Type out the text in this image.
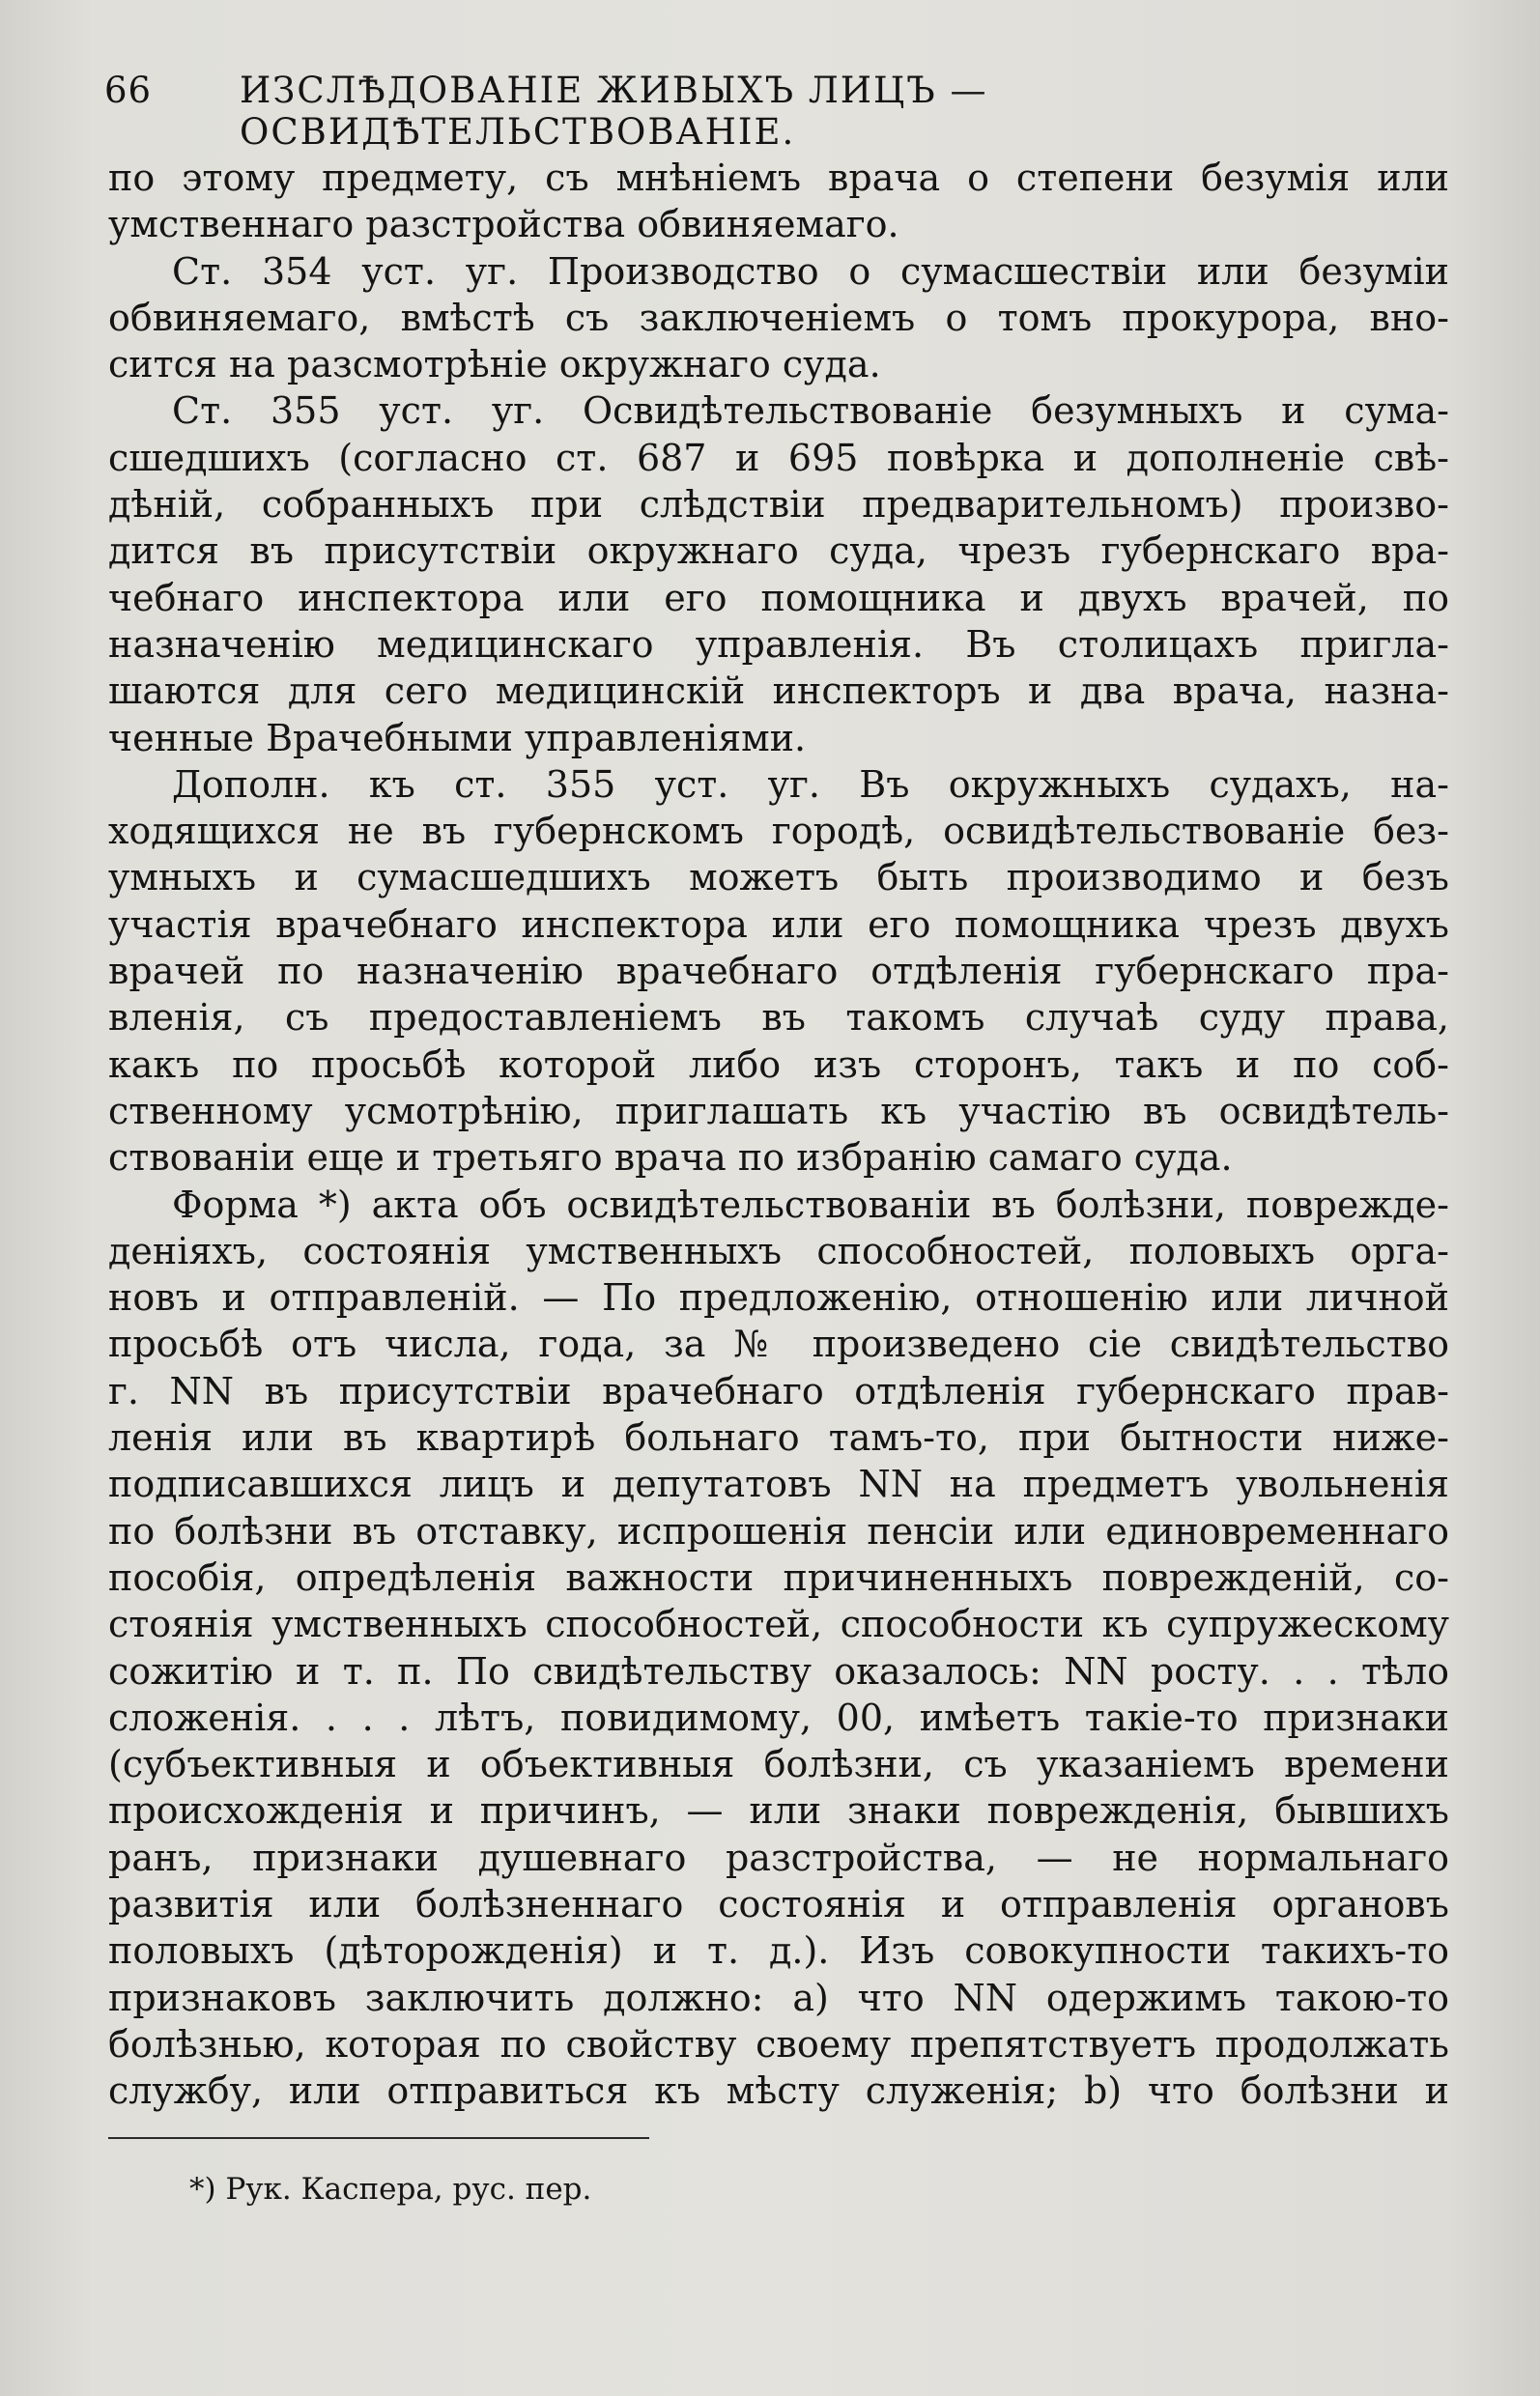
66 ИЗСЛѢДОВАНІЕ ЖИВЫХЪ ЛИЦЪ — ОСВИДѢТЕЛЬСТВОВАНІЕ.
по этому предмету, съ мнѣніемъ врача о степени безумія или
умственнаго разстройства обвиняемаго.
Ст. 354 уст. уг. Производство о сумасшествіи или безуміи
обвиняемаго, вмѣстѣ съ заключеніемъ о томъ прокурора, вно-
сится на разсмотрѣніе окружнаго суда.
Ст. 355 уст. уг. Освидѣтельствованіе безумныхъ и сума-
сшедшихъ (согласно ст. 687 и 695 повѣрка и дополненіе свѣ-
дѣній, собранныхъ при слѣдствіи предварительномъ) произво-
дится въ присутствіи окружнаго суда, чрезъ губернскаго вра-
чебнаго инспектора или его помощника и двухъ врачей, по
назначенію медицинскаго управленія. Въ столицахъ пригла-
шаются для сего медицинскій инспекторъ и два врача, назна-
ченные Врачебными управленіями.
Дополн. къ ст. 355 уст. уг. Въ окружныхъ судахъ, на-
ходящихся не въ губернскомъ городѣ, освидѣтельствованіе без-
умныхъ и сумасшедшихъ можетъ быть производимо и безъ
участія врачебнаго инспектора или его помощника чрезъ двухъ
врачей по назначенію врачебнаго отдѣленія губернскаго пра-
вленія, съ предоставленіемъ въ такомъ случаѣ суду права,
какъ по просьбѣ которой либо изъ сторонъ, такъ и по соб-
ственному усмотрѣнію, приглашать къ участію въ освидѣтель-
ствованіи еще и третьяго врача по избранію самаго суда.
Форма *) акта объ освидѣтельствованіи въ болѣзни, поврежде-
деніяхъ, состоянія умственныхъ способностей, половыхъ орга-
новъ и отправленій. — По предложенію, отношенію или личной
просьбѣ отъ числа, года, за № произведено сіе свидѣтельство
г. NN въ присутствіи врачебнаго отдѣленія губернскаго прав-
ленія или въ квартирѣ больнаго тамъ-то, при бытности ниже-
подписавшихся лицъ и депутатовъ NN на предметъ увольненія
по болѣзни въ отставку, испрошенія пенсіи или единовременнаго
пособія, опредѣленія важности причиненныхъ поврежденій, со-
стоянія умственныхъ способностей, способности къ супружескому
сожитію и т. п. По свидѣтельству оказалось: NN росту. . . тѣло
сложенія. . . . лѣтъ, повидимому, 00, имѣетъ такіе-то признаки
(субъективныя и объективныя болѣзни, съ указаніемъ времени
происхожденія и причинъ, — или знаки поврежденія, бывшихъ
ранъ, признаки душевнаго разстройства, — не нормальнаго
развитія или болѣзненнаго состоянія и отправленія органовъ
половыхъ (дѣторожденія) и т. д.). Изъ совокупности такихъ-то
признаковъ заключить должно: а) что NN одержимъ такою-то
болѣзнью, которая по свойству своему препятствуетъ продолжать
службу, или отправиться къ мѣсту служенія; b) что болѣзни и
*) Рук. Каспера, рус. пер.
